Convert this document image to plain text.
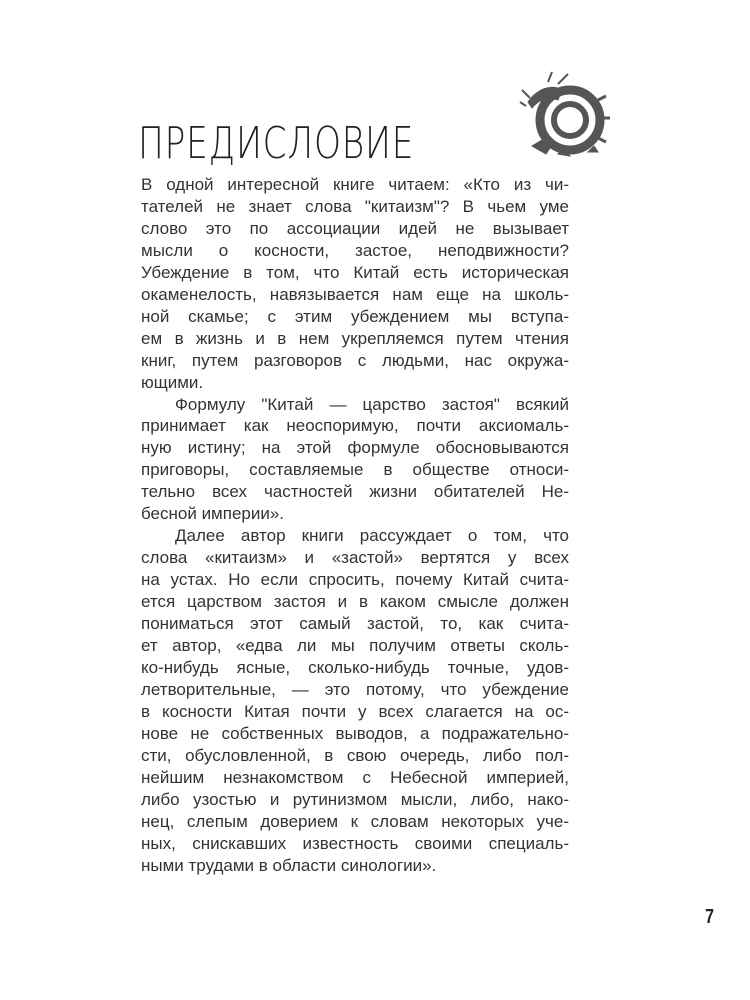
ПРЕДИСЛОВИЕ
В одной интересной книге читаем: «Кто из чи-
тателей не знает слова "китаизм"? В чьем уме
слово это по ассоциации идей не вызывает
мысли о косности, застое, неподвижности?
Убеждение в том, что Китай есть историческая
окаменелость, навязывается нам еще на школь-
ной скамье; с этим убеждением мы вступа-
ем в жизнь и в нем укрепляемся путем чтения
книг, путем разговоров с людьми, нас окружа-
ющими.
Формулу "Китай — царство застоя" всякий
принимает как неоспоримую, почти аксиомаль-
ную истину; на этой формуле обосновываются
приговоры, составляемые в обществе относи-
тельно всех частностей жизни обитателей Не-
бесной империи».
Далее автор книги рассуждает о том, что
слова «китаизм» и «застой» вертятся у всех
на устах. Но если спросить, почему Китай счита-
ется царством застоя и в каком смысле должен
пониматься этот самый застой, то, как счита-
ет автор, «едва ли мы получим ответы сколь-
ко-нибудь ясные, сколько-нибудь точные, удов-
летворительные, — это потому, что убеждение
в косности Китая почти у всех слагается на ос-
нове не собственных выводов, а подражательно-
сти, обусловленной, в свою очередь, либо пол-
нейшим незнакомством с Небесной империей,
либо узостью и рутинизмом мысли, либо, нако-
нец, слепым доверием к словам некоторых уче-
ных, снискавших известность своими специаль-
ными трудами в области синологии».
7
